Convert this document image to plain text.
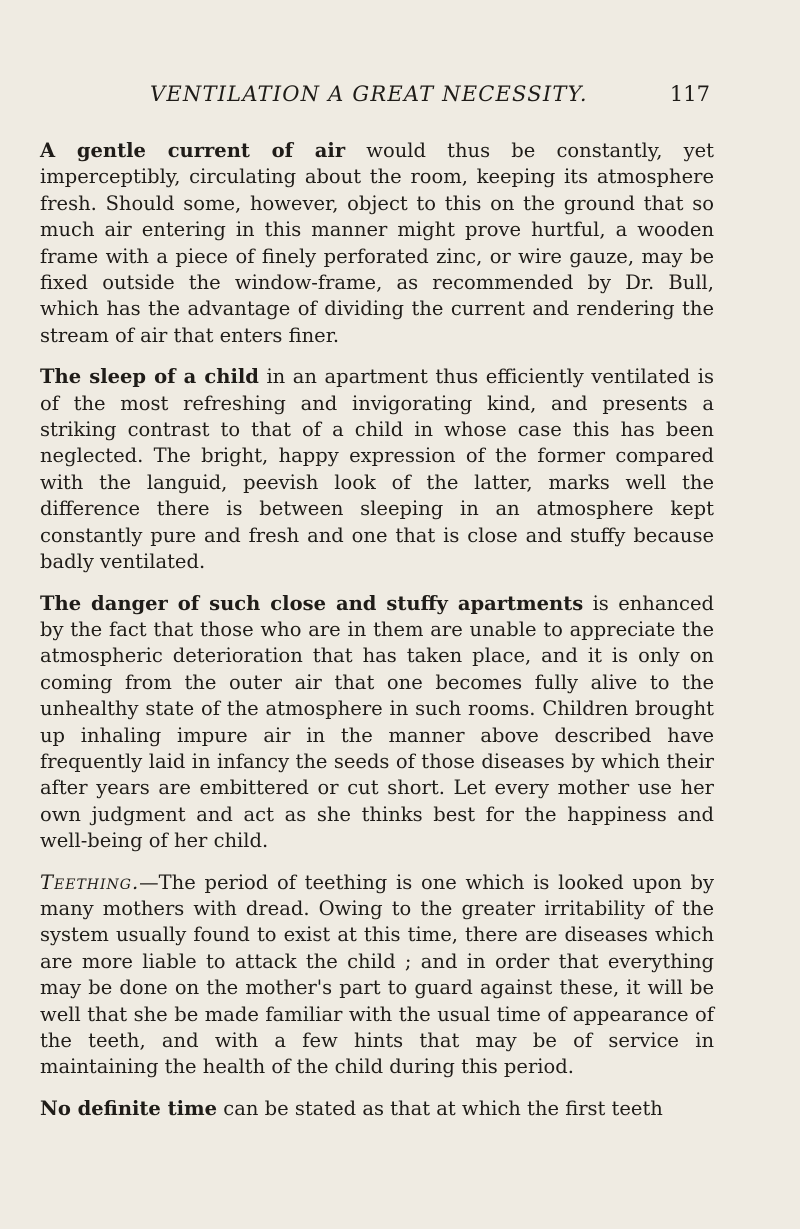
VENTILATION A GREAT NECESSITY.	117

A gentle current of air would thus be constantly, yet imperceptibly, circulating about the room, keeping its atmosphere fresh. Should some, however, object to this on the ground that so much air entering in this manner might prove hurtful, a wooden frame with a piece of finely perforated zinc, or wire gauze, may be fixed outside the window-frame, as recommended by Dr. Bull, which has the advantage of dividing the current and rendering the stream of air that enters finer.

The sleep of a child in an apartment thus efficiently ventilated is of the most refreshing and invigorating kind, and presents a striking contrast to that of a child in whose case this has been neglected. The bright, happy expression of the former compared with the languid, peevish look of the latter, marks well the difference there is between sleeping in an atmosphere kept constantly pure and fresh and one that is close and stuffy because badly ventilated.

The danger of such close and stuffy apartments is enhanced by the fact that those who are in them are unable to appreciate the atmospheric deterioration that has taken place, and it is only on coming from the outer air that one becomes fully alive to the unhealthy state of the atmosphere in such rooms. Children brought up inhaling impure air in the manner above described have frequently laid in infancy the seeds of those diseases by which their after years are embittered or cut short. Let every mother use her own judgment and act as she thinks best for the happiness and well-being of her child.

Teething.—The period of teething is one which is looked upon by many mothers with dread. Owing to the greater irritability of the system usually found to exist at this time, there are diseases which are more liable to attack the child ; and in order that everything may be done on the mother's part to guard against these, it will be well that she be made familiar with the usual time of appearance of the teeth, and with a few hints that may be of service in maintaining the health of the child during this period.

No definite time can be stated as that at which the first teeth
